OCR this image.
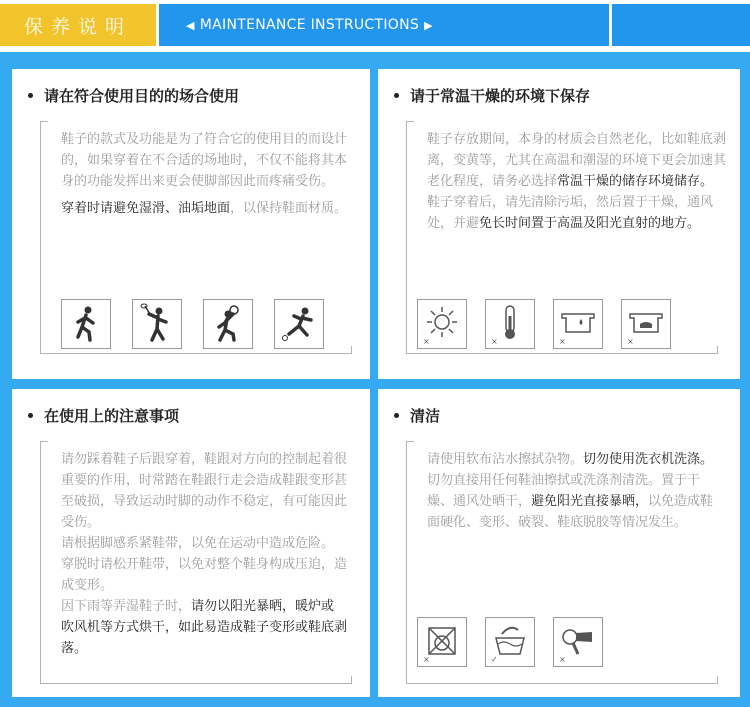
保养说明	◀ MAINTENANCE INSTRUCTIONS ▶
请在符合使用目的的场合使用

鞋子的款式及功能是为了符合它的使用目的而设计的，如果穿着在不合适的场地时，不仅不能将其本身的功能发挥出来更会使脚部因此而疼痛受伤。

穿着时请避免湿滑、油垢地面，以保持鞋面材质。

请于常温干燥的环境下保存

鞋子存放期间，本身的材质会自然老化，比如鞋底剥离，变黄等，尤其在高温和潮湿的环境下更会加速其老化程度，请务必选择常温干燥的储存环境储存。

鞋子穿着后，请先清除污垢，然后置于干燥，通风处，并避免长时间置于高温及阳光直射的地方。

×	×	×	×
在使用上的注意事项

请勿踩着鞋子后跟穿着，鞋跟对方向的控制起着很重要的作用，时常踏在鞋跟行走会造成鞋跟变形甚至破损，导致运动时脚的动作不稳定，有可能因此受伤。

请根据脚感系紧鞋带，以免在运动中造成危险。

穿脱时请松开鞋带，以免对整个鞋身构成压迫，造成变形。

因下雨等弄湿鞋子时，请勿以阳光暴晒，暖炉或吹风机等方式烘干，如此易造成鞋子变形或鞋底剥落。

清洁

请使用软布沾水擦拭杂物。切勿使用洗衣机洗涤。切勿直接用任何鞋油擦拭或洗涤剂清洗。置于干燥、通风处晒干，避免阳光直接暴晒，以免造成鞋面硬化、变形、破裂、鞋底脱胶等情况发生。

×	✓	×
